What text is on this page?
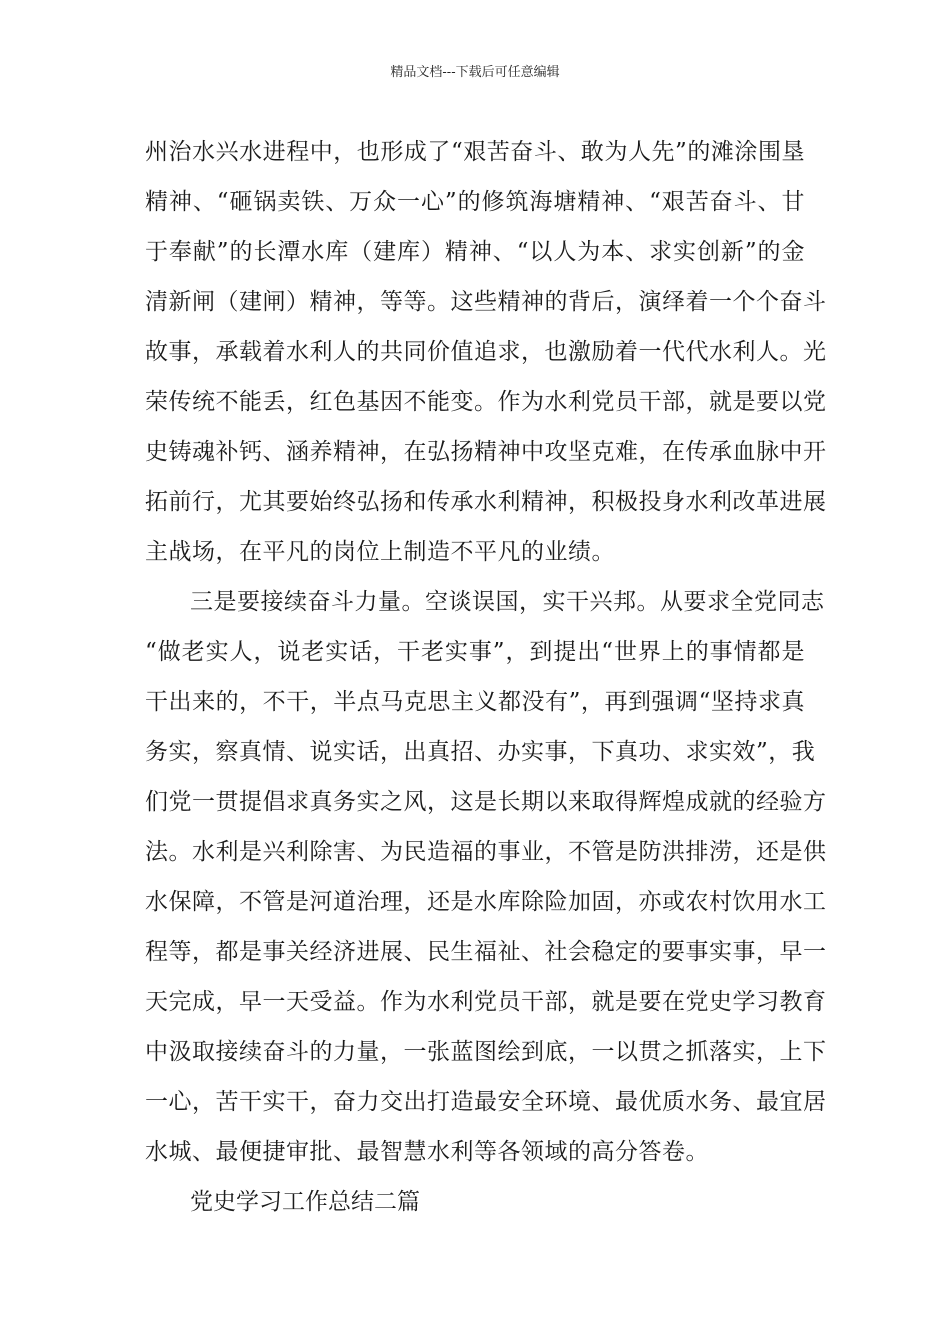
精品文档---下载后可任意编辑
州治水兴水进程中，也形成了“艰苦奋斗、敢为人先”的滩涂围垦
精神、“砸锅卖铁、万众一心”的修筑海塘精神、“艰苦奋斗、甘
于奉献”的长潭水库（建库）精神、“以人为本、求实创新”的金
清新闸（建闸）精神，等等。这些精神的背后，演绎着一个个奋斗
故事，承载着水利人的共同价值追求，也激励着一代代水利人。光
荣传统不能丢，红色基因不能变。作为水利党员干部，就是要以党
史铸魂补钙、涵养精神，在弘扬精神中攻坚克难，在传承血脉中开
拓前行，尤其要始终弘扬和传承水利精神，积极投身水利改革进展
主战场，在平凡的岗位上制造不平凡的业绩。
三是要接续奋斗力量。空谈误国，实干兴邦。从要求全党同志
“做老实人，说老实话，干老实事”，到提出“世界上的事情都是
干出来的，不干，半点马克思主义都没有”，再到强调“坚持求真
务实，察真情、说实话，出真招、办实事，下真功、求实效”，我
们党一贯提倡求真务实之风，这是长期以来取得辉煌成就的经验方
法。水利是兴利除害、为民造福的事业，不管是防洪排涝，还是供
水保障，不管是河道治理，还是水库除险加固，亦或农村饮用水工
程等，都是事关经济进展、民生福祉、社会稳定的要事实事，早一
天完成，早一天受益。作为水利党员干部，就是要在党史学习教育
中汲取接续奋斗的力量，一张蓝图绘到底，一以贯之抓落实，上下
一心，苦干实干，奋力交出打造最安全环境、最优质水务、最宜居
水城、最便捷审批、最智慧水利等各领域的高分答卷。
党史学习工作总结二篇
